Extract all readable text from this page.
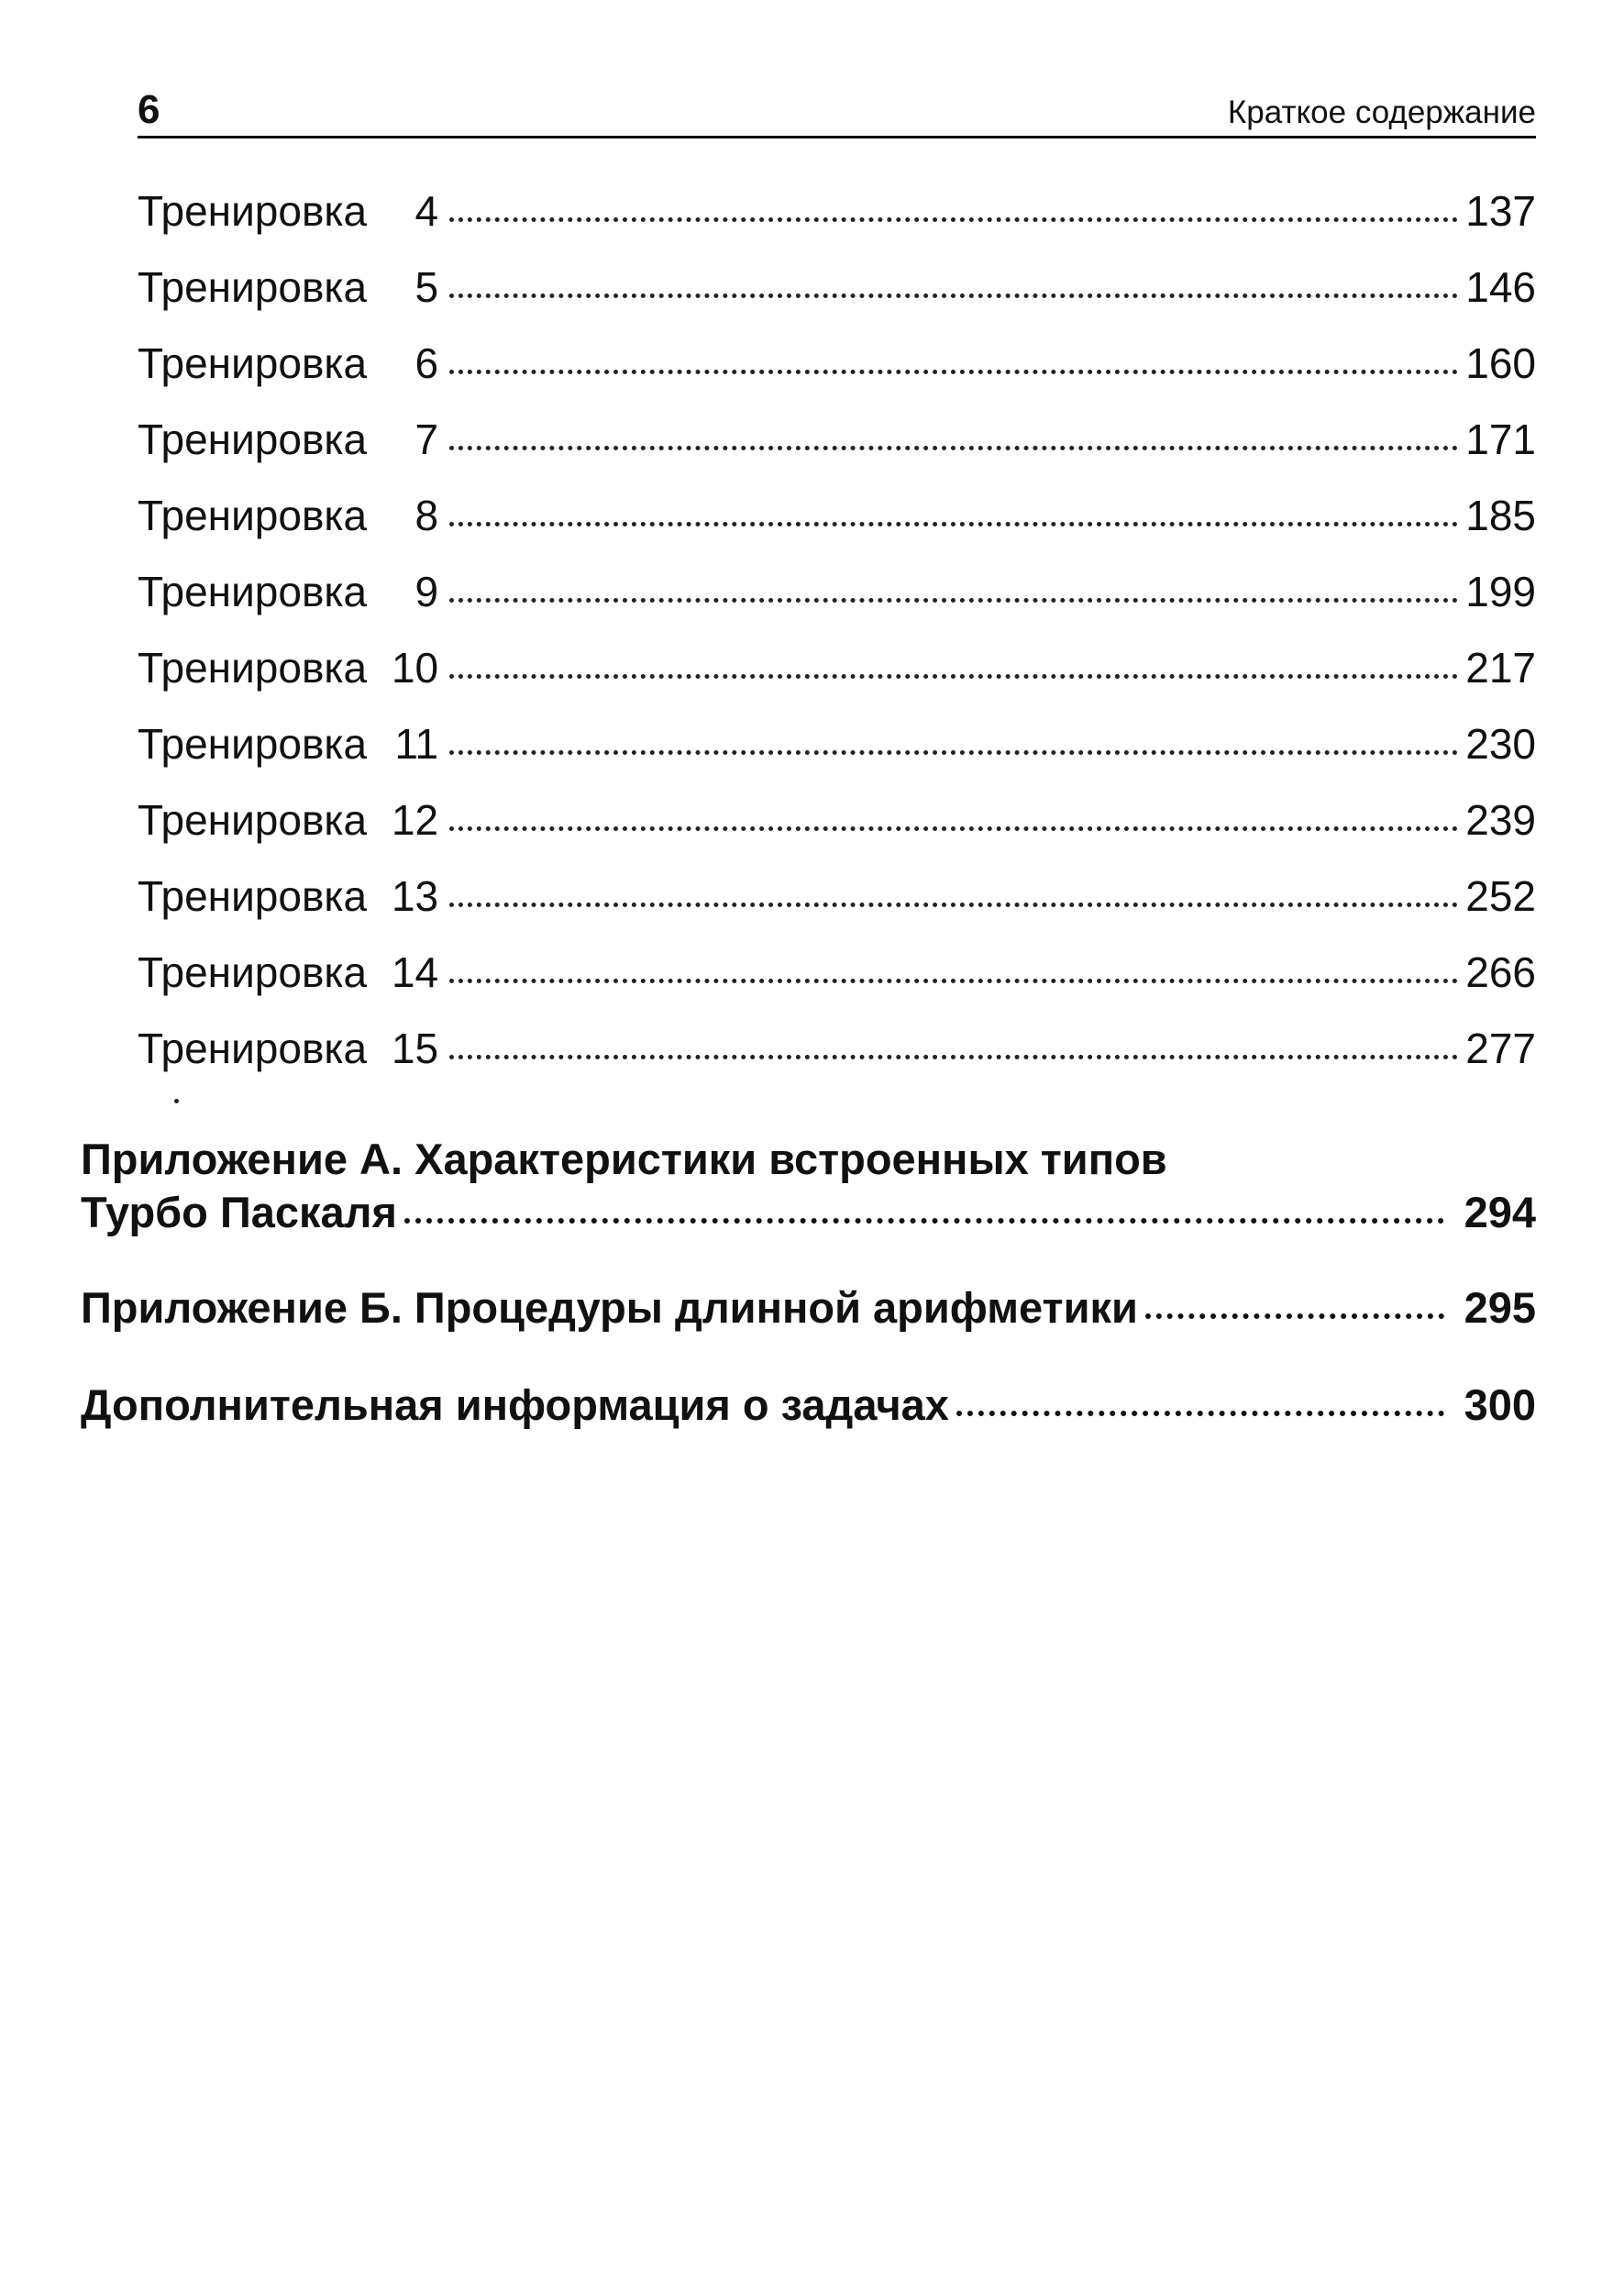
6	Краткое содержание
Тренировка	4	137
Тренировка	5	146
Тренировка	6	160
Тренировка	7	171
Тренировка	8	185
Тренировка	9	199
Тренировка 10	217
Тренировка 11	230
Тренировка 12	239
Тренировка 13	252
Тренировка 14	266
Тренировка 15	277
Приложение А. Характеристики встроенных типов
Турбо Паскаля	294
Приложение Б. Процедуры длинной арифметики	295
Дополнительная информация о задачах	300
